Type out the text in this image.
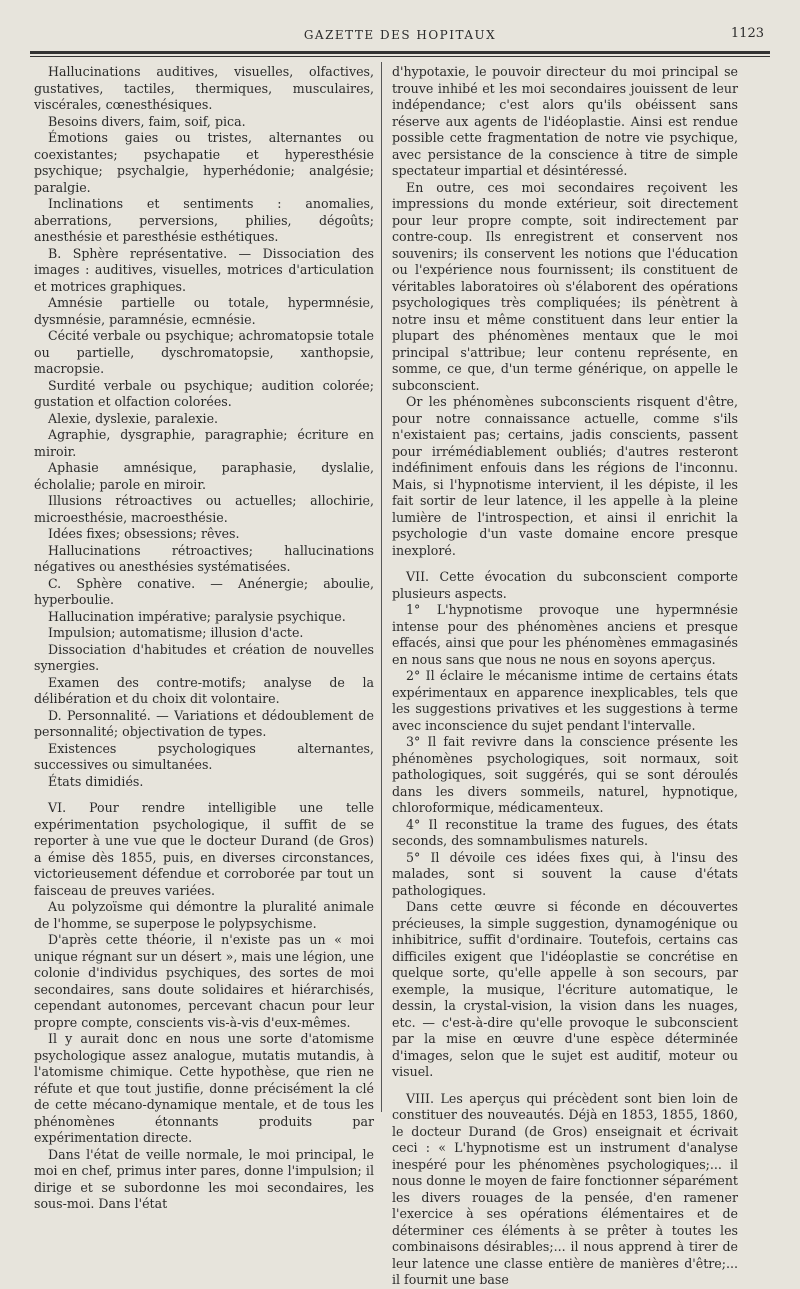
GAZETTE DES HOPITAUX	1123

Hallucinations auditives, visuelles, olfactives, gustatives, tactiles, thermiques, musculaires, viscérales, cœnesthésiques.

Besoins divers, faim, soif, pica.

Émotions gaies ou tristes, alternantes ou coexistantes; psychapatie et hyperesthésie psychique; psychalgie, hyperhédonie; analgésie; paralgie.

Inclinations et sentiments : anomalies, aberrations, perversions, philies, dégoûts; anesthésie et paresthésie esthétiques.

B. Sphère représentative. — Dissociation des images : auditives, visuelles, motrices d'articulation et motrices graphiques.

Amnésie partielle ou totale, hypermnésie, dysmnésie, paramnésie, ecmnésie.

Cécité verbale ou psychique; achromatopsie totale ou partielle, dyschromatopsie, xanthopsie, macropsie.

Surdité verbale ou psychique; audition colorée; gustation et olfaction colorées.

Alexie, dyslexie, paralexie.

Agraphie, dysgraphie, paragraphie; écriture en miroir.

Aphasie amnésique, paraphasie, dyslalie, écholalie; parole en miroir.

Illusions rétroactives ou actuelles; allochirie, microesthésie, macroesthésie.

Idées fixes; obsessions; rêves.

Hallucinations rétroactives; hallucinations négatives ou anesthésies systématisées.

C. Sphère conative. — Anénergie; aboulie, hyperboulie.

Hallucination impérative; paralysie psychique.

Impulsion; automatisme; illusion d'acte.

Dissociation d'habitudes et création de nouvelles synergies.

Examen des contre-motifs; analyse de la délibération et du choix dit volontaire.

D. Personnalité. — Variations et dédoublement de personnalité; objectivation de types.

Existences psychologiques alternantes, successives ou simultanées.

États dimidiés.

VI. Pour rendre intelligible une telle expérimentation psychologique, il suffit de se reporter à une vue que le docteur Durand (de Gros) a émise dès 1855, puis, en diverses circonstances, victorieusement défendue et corroborée par tout un faisceau de preuves variées.

Au polyzoïsme qui démontre la pluralité animale de l'homme, se superpose le polypsychisme.

D'après cette théorie, il n'existe pas un « moi unique régnant sur un désert », mais une légion, une colonie d'individus psychiques, des sortes de moi secondaires, sans doute solidaires et hiérarchisés, cependant autonomes, percevant chacun pour leur propre compte, conscients vis-à-vis d'eux-mêmes.

Il y aurait donc en nous une sorte d'atomisme psychologique assez analogue, mutatis mutandis, à l'atomisme chimique. Cette hypothèse, que rien ne réfute et que tout justifie, donne précisément la clé de cette mécano-dynamique mentale, et de tous les phénomènes étonnants produits par expérimentation directe.

Dans l'état de veille normale, le moi principal, le moi en chef, primus inter pares, donne l'impulsion; il dirige et se subordonne les moi secondaires, les sous-moi. Dans l'état

d'hypotaxie, le pouvoir directeur du moi principal se trouve inhibé et les moi secondaires jouissent de leur indépendance; c'est alors qu'ils obéissent sans réserve aux agents de l'idéoplastie. Ainsi est rendue possible cette fragmentation de notre vie psychique, avec persistance de la conscience à titre de simple spectateur impartial et désintéressé.

En outre, ces moi secondaires reçoivent les impressions du monde extérieur, soit directement pour leur propre compte, soit indirectement par contre-coup. Ils enregistrent et conservent nos souvenirs; ils conservent les notions que l'éducation ou l'expérience nous fournissent; ils constituent de véritables laboratoires où s'élaborent des opérations psychologiques très compliquées; ils pénètrent à notre insu et même constituent dans leur entier la plupart des phénomènes mentaux que le moi principal s'attribue; leur contenu représente, en somme, ce que, d'un terme générique, on appelle le subconscient.

Or les phénomènes subconscients risquent d'être, pour notre connaissance actuelle, comme s'ils n'existaient pas; certains, jadis conscients, passent pour irrémédiablement oubliés; d'autres resteront indéfiniment enfouis dans les régions de l'inconnu. Mais, si l'hypnotisme intervient, il les dépiste, il les fait sortir de leur latence, il les appelle à la pleine lumière de l'introspection, et ainsi il enrichit la psychologie d'un vaste domaine encore presque inexploré.

VII. Cette évocation du subconscient comporte plusieurs aspects.

1° L'hypnotisme provoque une hypermnésie intense pour des phénomènes anciens et presque effacés, ainsi que pour les phénomènes emmagasinés en nous sans que nous ne nous en soyons aperçus.

2° Il éclaire le mécanisme intime de certains états expérimentaux en apparence inexplicables, tels que les suggestions privatives et les suggestions à terme avec inconscience du sujet pendant l'intervalle.

3° Il fait revivre dans la conscience présente les phénomènes psychologiques, soit normaux, soit pathologiques, soit suggérés, qui se sont déroulés dans les divers sommeils, naturel, hypnotique, chloroformique, médicamenteux.

4° Il reconstitue la trame des fugues, des états seconds, des somnambulismes naturels.

5° Il dévoile ces idées fixes qui, à l'insu des malades, sont si souvent la cause d'états pathologiques.

Dans cette œuvre si féconde en découvertes précieuses, la simple suggestion, dynamogénique ou inhibitrice, suffit d'ordinaire. Toutefois, certains cas difficiles exigent que l'idéoplastie se concrétise en quelque sorte, qu'elle appelle à son secours, par exemple, la musique, l'écriture automatique, le dessin, la crystal-vision, la vision dans les nuages, etc. — c'est-à-dire qu'elle provoque le subconscient par la mise en œuvre d'une espèce déterminée d'images, selon que le sujet est auditif, moteur ou visuel.

VIII. Les aperçus qui précèdent sont bien loin de constituer des nouveautés. Déjà en 1853, 1855, 1860, le docteur Durand (de Gros) enseignait et écrivait ceci : « L'hypnotisme est un instrument d'analyse inespéré pour les phénomènes psychologiques;... il nous donne le moyen de faire fonctionner séparément les divers rouages de la pensée, d'en ramener l'exercice à ses opérations élémentaires et de déterminer ces éléments à se prêter à toutes les combinaisons désirables;... il nous apprend à tirer de leur latence une classe entière de manières d'être;... il fournit une base
